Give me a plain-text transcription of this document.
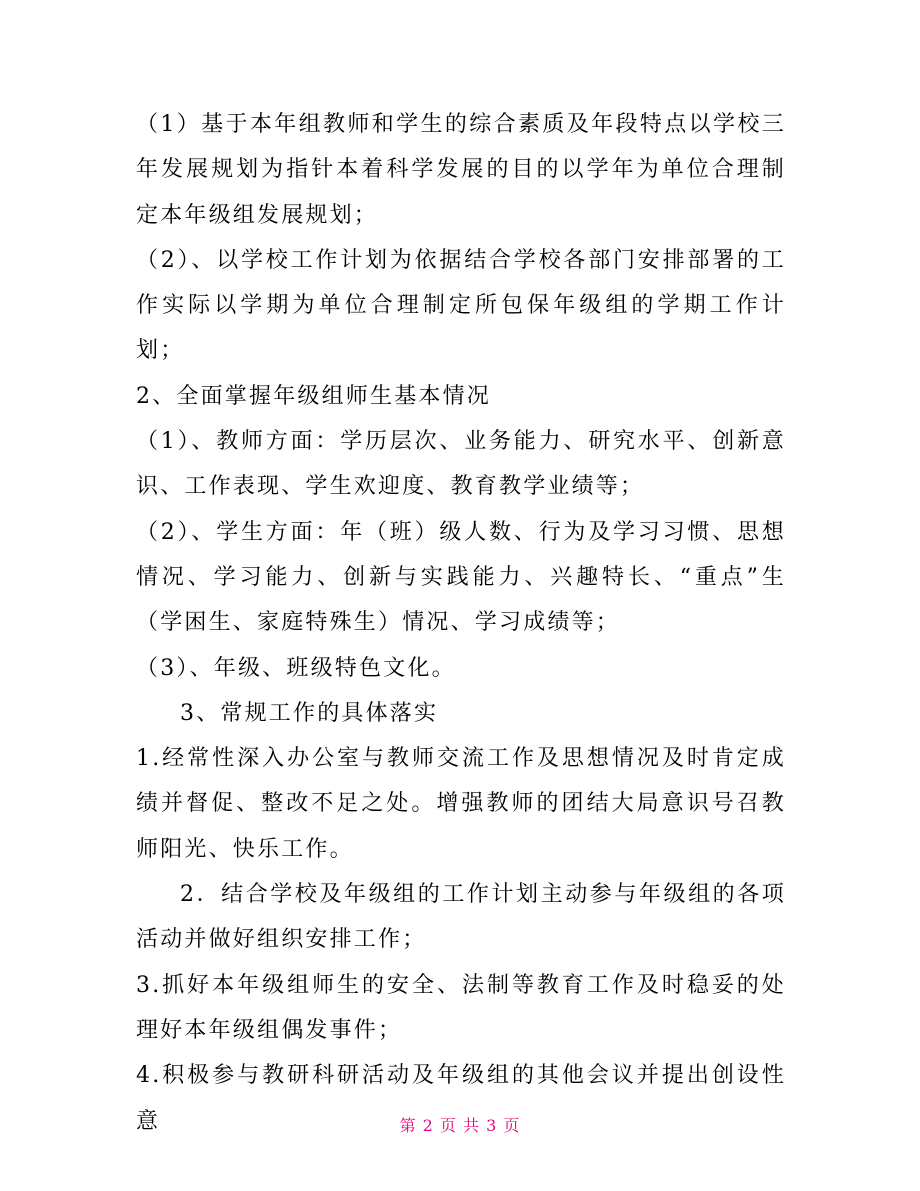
（1）基于本年组教师和学生的综合素质及年段特点以学校三年发展规划为指针本着科学发展的目的以学年为单位合理制定本年级组发展规划；

（2）、以学校工作计划为依据结合学校各部门安排部署的工作实际以学期为单位合理制定所包保年级组的学期工作计划；

2、全面掌握年级组师生基本情况

（1）、教师方面：学历层次、业务能力、研究水平、创新意识、工作表现、学生欢迎度、教育教学业绩等；

（2）、学生方面：年（班）级人数、行为及学习习惯、思想情况、学习能力、创新与实践能力、兴趣特长、“重点”生（学困生、家庭特殊生）情况、学习成绩等；

（3）、年级、班级特色文化。

3、常规工作的具体落实

1.经常性深入办公室与教师交流工作及思想情况及时肯定成绩并督促、整改不足之处。增强教师的团结大局意识号召教师阳光、快乐工作。

2．结合学校及年级组的工作计划主动参与年级组的各项活动并做好组织安排工作；

3.抓好本年级组师生的安全、法制等教育工作及时稳妥的处理好本年级组偶发事件；

4.积极参与教研科研活动及年级组的其他会议并提出创设性意	第 2 页 共 3 页
